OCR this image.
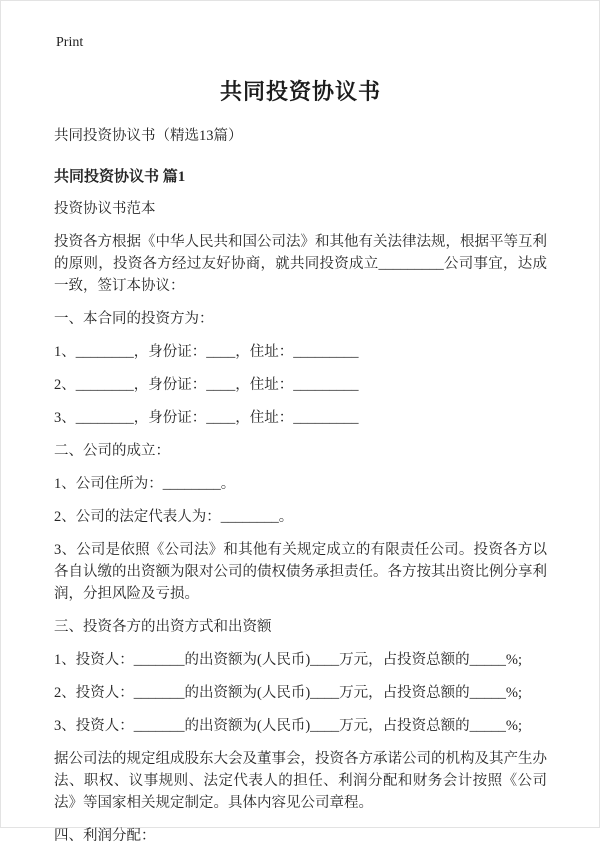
Print
共同投资协议书
共同投资协议书（精选13篇）
共同投资协议书 篇1

投资协议书范本

投资各方根据《中华人民共和国公司法》和其他有关法律法规，根据平等互利的原则，投资各方经过友好协商，就共同投资成立_________公司事宜，达成一致，签订本协议：

一、本合同的投资方为：

1、________，身份证：____，住址：_________

2、________，身份证：____，住址：_________

3、________，身份证：____，住址：_________

二、公司的成立：

1、公司住所为：________。

2、公司的法定代表人为：________。

3、公司是依照《公司法》和其他有关规定成立的有限责任公司。投资各方以各自认缴的出资额为限对公司的债权债务承担责任。各方按其出资比例分享利润，分担风险及亏损。

三、投资各方的出资方式和出资额

1、投资人：_______的出资额为(人民币)____万元，占投资总额的_____%;

2、投资人：_______的出资额为(人民币)____万元，占投资总额的_____%;

3、投资人：_______的出资额为(人民币)____万元，占投资总额的_____%;

据公司法的规定组成股东大会及董事会，投资各方承诺公司的机构及其产生办法、职权、议事规则、法定代表人的担任、利润分配和财务会计按照《公司法》等国家相关规定制定。具体内容见公司章程。

四、利润分配：
